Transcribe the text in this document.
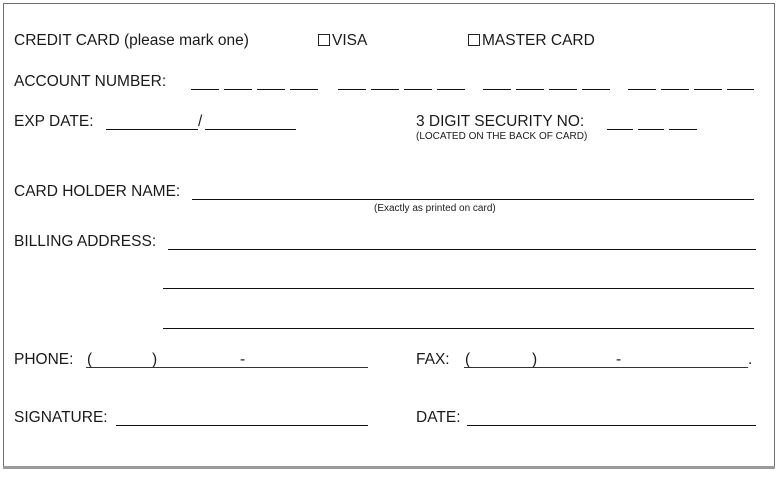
CREDIT CARD (please mark one)	VISA	MASTER CARD
ACCOUNT NUMBER:
EXP DATE:	/	3 DIGIT SECURITY NO:
(LOCATED ON THE BACK OF CARD)
CARD HOLDER NAME:
(Exactly as printed on card)
BILLING ADDRESS:
PHONE: (	)	-	FAX: (	)	-	.
SIGNATURE:	DATE:
